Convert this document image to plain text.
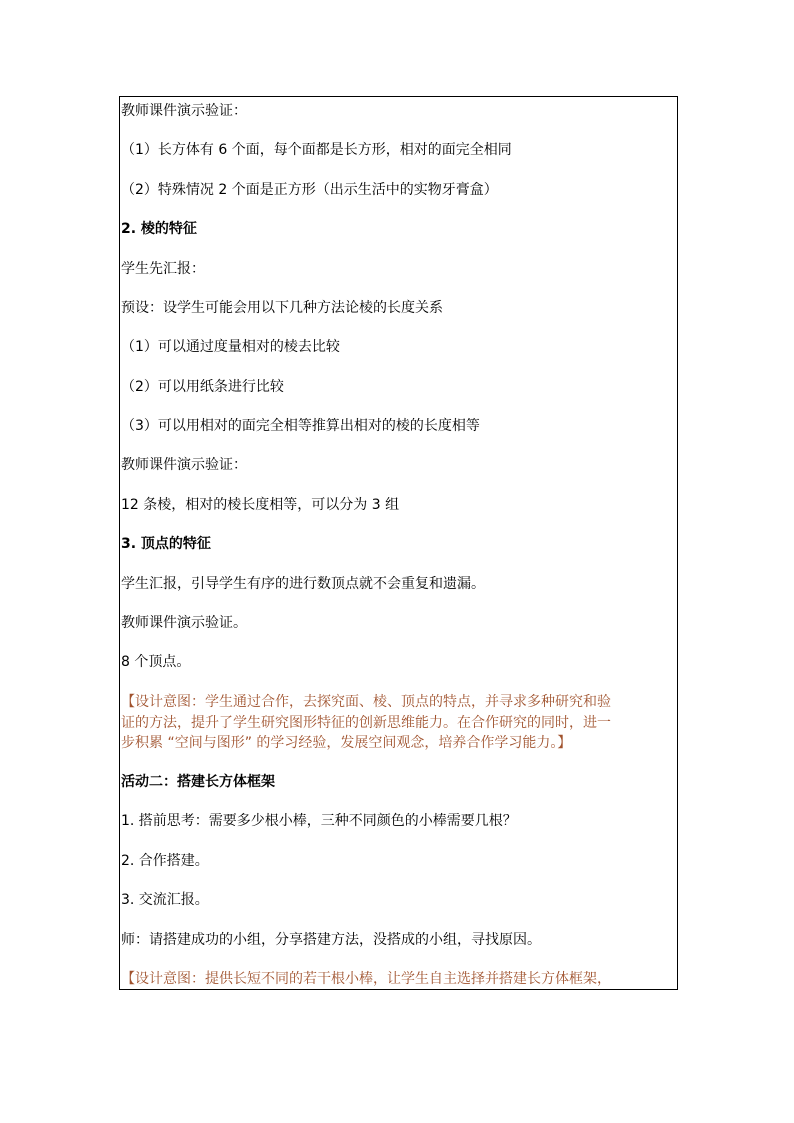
教师课件演示验证：
（1）长方体有 6 个面，每个面都是长方形，相对的面完全相同
（2）特殊情况 2 个面是正方形（出示生活中的实物牙膏盒）
2. 棱的特征
学生先汇报：
预设：设学生可能会用以下几种方法论棱的长度关系
（1）可以通过度量相对的棱去比较
（2）可以用纸条进行比较
（3）可以用相对的面完全相等推算出相对的棱的长度相等
教师课件演示验证：
12 条棱，相对的棱长度相等，可以分为 3 组
3. 顶点的特征
学生汇报，引导学生有序的进行数顶点就不会重复和遗漏。
教师课件演示验证。
8 个顶点。
【设计意图：学生通过合作，去探究面、棱、顶点的特点，并寻求多种研究和验
证的方法，提升了学生研究图形特征的创新思维能力。在合作研究的同时，进一
步积累 “空间与图形” 的学习经验，发展空间观念，培养合作学习能力。】
活动二：搭建长方体框架
1. 搭前思考：需要多少根小棒，三种不同颜色的小棒需要几根？
2. 合作搭建。
3. 交流汇报。
师：请搭建成功的小组，分享搭建方法，没搭成的小组，寻找原因。
【设计意图：提供长短不同的若干根小棒，让学生自主选择并搭建长方体框架，
